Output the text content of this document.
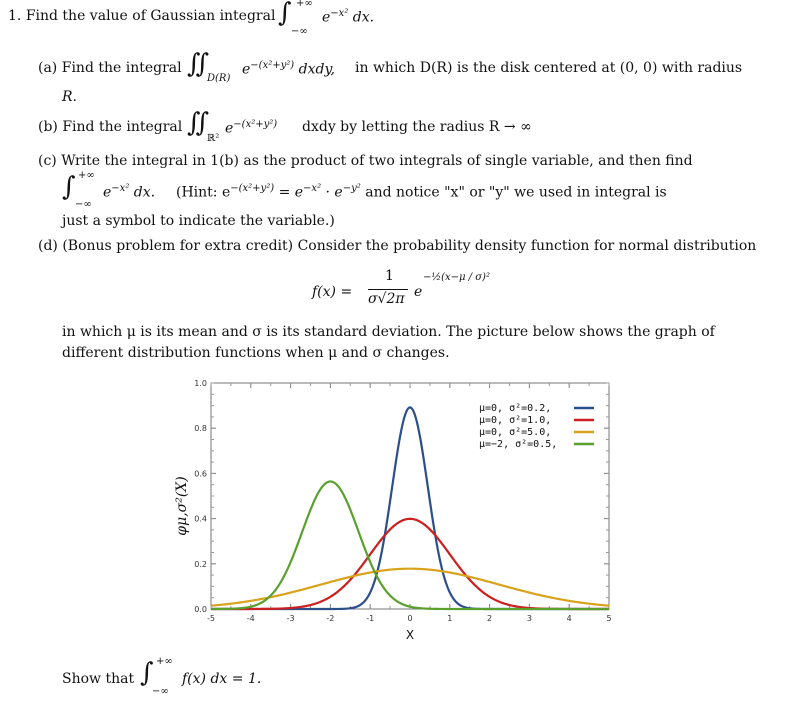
1. Find the value of Gaussian integral ∫ +∞
−∞
$e^{-x^2}$ dx.
(a) Find the integral ∬
D(R)
$e^{-(x^2+y^2)}$ dxdy, in which D(R) is the disk centered at (0, 0) with radius
R.
(b) Find the integral ∬
ℝ²
$e^{-(x^2+y^2)}$ dxdy by letting the radius R → ∞
(c) Write the integral in 1(b) as the product of two integrals of single variable, and then find
∫ +∞
−∞
$e^{-x^2}$ dx. (Hint: $e^{-(x^2+y^2)} = e^{-x^2} \cdot e^{-y^2}$ and notice "x" or "y" we used in integral is
just a symbol to indicate the variable.)
(d) (Bonus problem for extra credit) Consider the probability density function for normal distribution
f(x) =
1
σ√2π e
−½(x−μ / σ)²
in which μ is its mean and σ is its standard deviation. The picture below shows the graph of
different distribution functions when μ and σ changes.
-5	-4	-3	-2	-1	0	1	2	3	4	5
0.0
0.2
0.4
0.6
0.8
1.0
X
φμ,σ²(X)
μ=0, σ²=0.2,
μ=0, σ²=1.0,
μ=0, σ²=5.0,
μ=−2, σ²=0.5,
Show that ∫ +∞
−∞
f(x) dx = 1.
